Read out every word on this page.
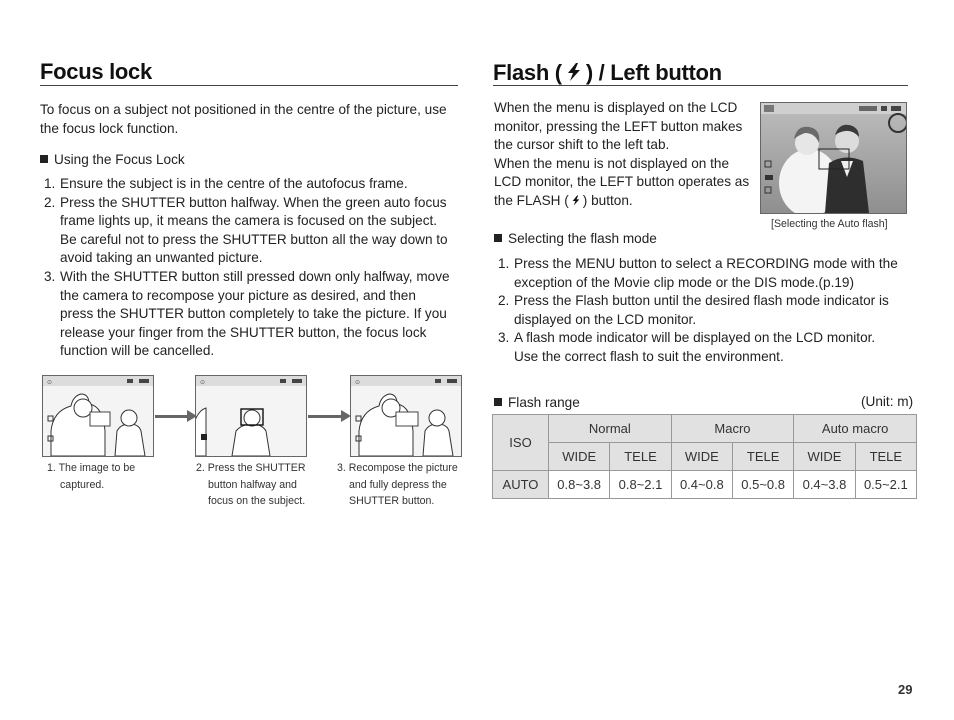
Focus lock
To focus on a subject not positioned in the centre of the picture, use
the focus lock function.
Using the Focus Lock
1. Ensure the subject is in the centre of the autofocus frame.
2. Press the SHUTTER button halfway. When the green auto focus
frame lights up, it means the camera is focused on the subject.
Be careful not to press the SHUTTER button all the way down to
avoid taking an unwanted picture.
3. With the SHUTTER button still pressed down only halfway, move
the camera to recompose your picture as desired, and then
press the SHUTTER button completely to take the picture. If you
release your finger from the SHUTTER button, the focus lock
function will be cancelled.
⊙	⊙	⊙
1. The image to be
captured.
2. Press the SHUTTER
button halfway and
focus on the subject.
3. Recompose the picture
and fully depress the
SHUTTER button.
Flash ( ) / Left button
When the menu is displayed on the LCD
monitor, pressing the LEFT button makes
the cursor shift to the left tab.
When the menu is not displayed on the
LCD monitor, the LEFT button operates as
the FLASH ( ) button.
[Selecting the Auto flash]
Selecting the flash mode
1. Press the MENU button to select a RECORDING mode with the
exception of the Movie clip mode or the DIS mode.(p.19)
2. Press the Flash button until the desired flash mode indicator is
displayed on the LCD monitor.
3. A flash mode indicator will be displayed on the LCD monitor.
Use the correct flash to suit the environment.
Flash range	(Unit: m)
ISO	Normal		Macro		Auto macro	
	WIDE	TELE	WIDE	TELE	WIDE	TELE
AUTO	0.8~3.8	0.8~2.1	0.4~0.8	0.5~0.8	0.4~3.8	0.5~2.1
29
